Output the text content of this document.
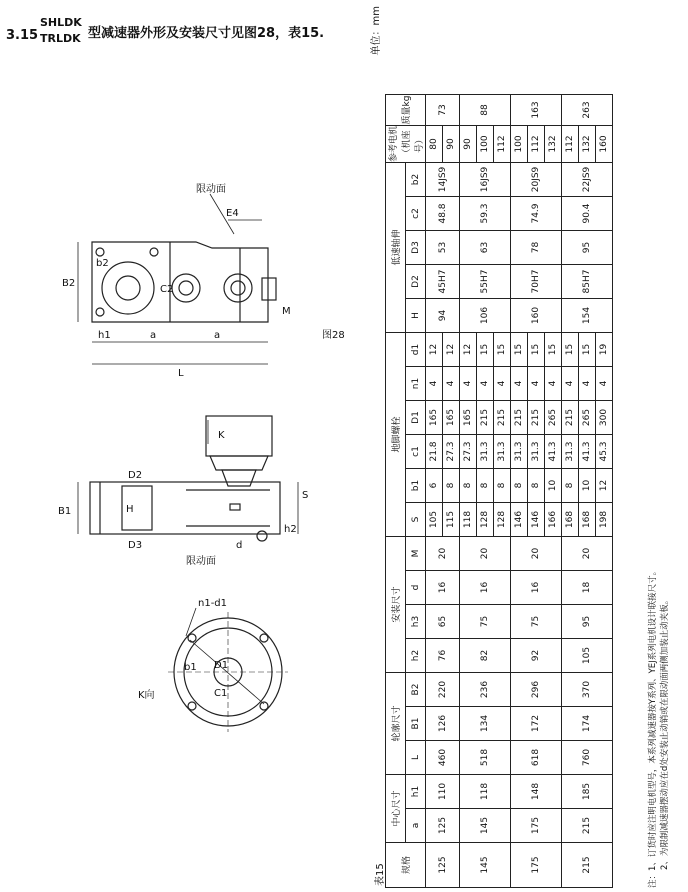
3.15
SHLDK
TRLDK 型减速器外形及安装尺寸见图28，表15.
B2
C2
b2
E4
M
h1	a	a
L
限动面
图28
B1
D2
H
D3
K
S
h2
d
限动面
n1-d1
D1
C1
b1
K向
表15
单位：mm
规格	中心尺寸		轮廓尺寸			安装尺寸				地脚螺栓						低速轴伸					参考电机（机座号）	质量kg
	a	h1	L	B1	B2	h2	h3	d	M	S	b1	c1	D1	n1	d1	H	D2	D3	c2	b2		
125	125	110	460	126	220	76	65	16	20	105	6	21.8	165	4	12	94	45H7	53	48.8	14JS9	80	73
										115	8	27.3	165	4	12						90	
145	145	118	518	134	236	82	75	16	20	118	8	27.3	165	4	12	106	55H7	63	59.3	16JS9	90	88
										128	8	31.3	215	4	15						100	
										128	8	31.3	215	4	15						112	
175	175	148	618	172	296	92	75	16	20	146	8	31.3	215	4	15	160	70H7	78	74.9	20JS9	100	163
										146	8	31.3	215	4	15						112	
										166	10	41.3	265	4	15						132	
215	215	185	760	174	370	105	95	18	20	168	8	31.3	215	4	15	154	85H7	95	90.4	22JS9	112	263
										168	10	41.3	265	4	15						132	
										198	12	45.3	300	4	19						160	
注：1、订货时应注明电机型号，本系列减速器按Y系列、YEJ系列电机设计联接尺寸。 2、为限制减速器摆动应在d处安装止动销或在限动面两侧加装止动夹板。
